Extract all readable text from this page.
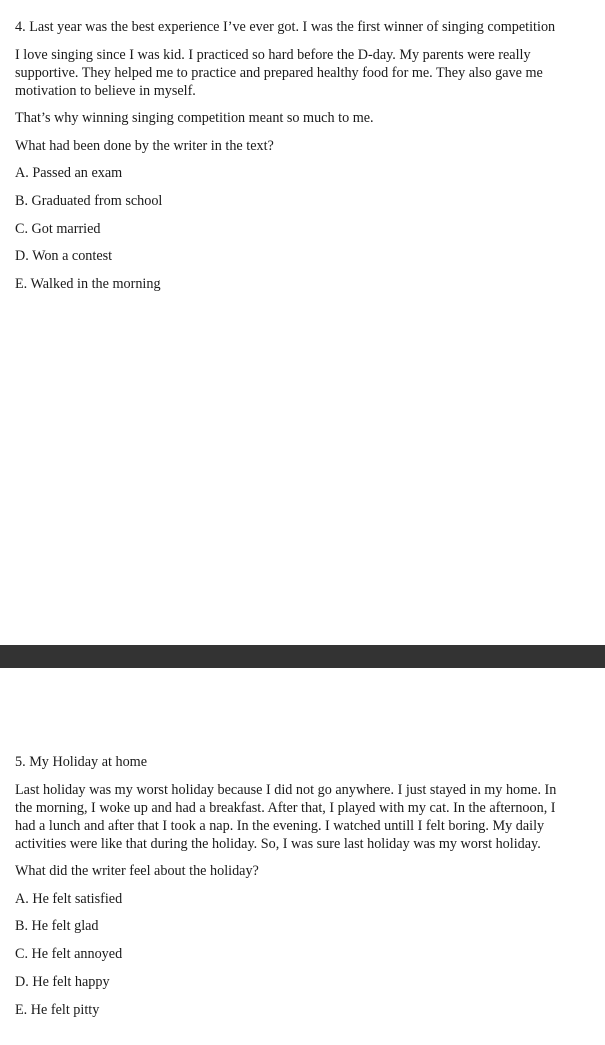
4. Last year was the best experience I’ve ever got. I was the first winner of singing competition

I love singing since I was kid. I practiced so hard before the D-day. My parents were really supportive. They helped me to practice and prepared healthy food for me. They also gave me motivation to believe in myself.

That’s why winning singing competition meant so much to me.

What had been done by the writer in the text?

A. Passed an exam

B. Graduated from school

C. Got married

D. Won a contest

E. Walked in the morning

5. My Holiday at home

Last holiday was my worst holiday because I did not go anywhere. I just stayed in my home. In the morning, I woke up and had a breakfast. After that, I played with my cat. In the afternoon, I had a lunch and after that I took a nap. In the evening. I watched untill I felt boring. My daily activities were like that during the holiday. So, I was sure last holiday was my worst holiday.

What did the writer feel about the holiday?

A. He felt satisfied

B. He felt glad

C. He felt annoyed

D. He felt happy

E. He felt pitty
